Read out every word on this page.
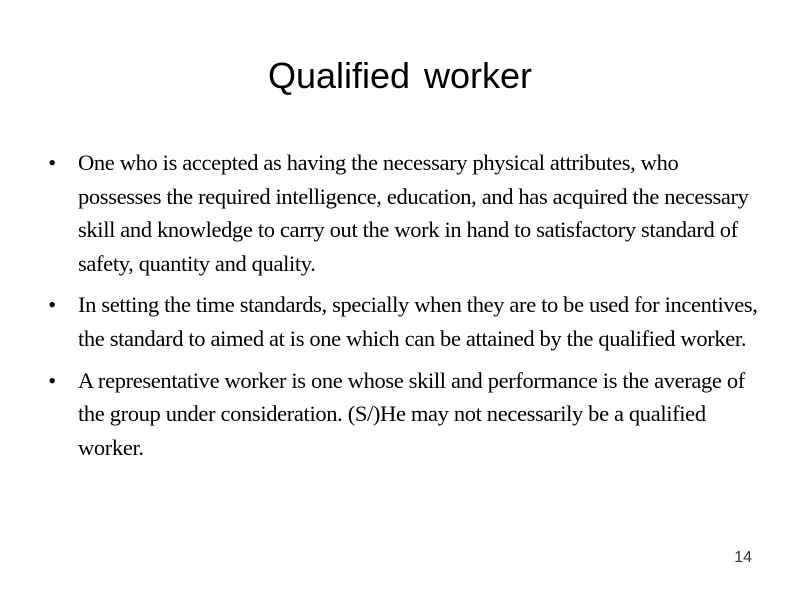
Qualified worker
• One who is accepted as having the necessary physical attributes, who possesses the required intelligence, education, and has acquired the necessary skill and knowledge to carry out the work in hand to satisfactory standard of safety, quantity and quality.
• In setting the time standards, specially when they are to be used for incentives, the standard to aimed at is one which can be attained by the qualified worker.
• A representative worker is one whose skill and performance is the average of the group under consideration. (S/)He may not necessarily be a qualified worker.
14
